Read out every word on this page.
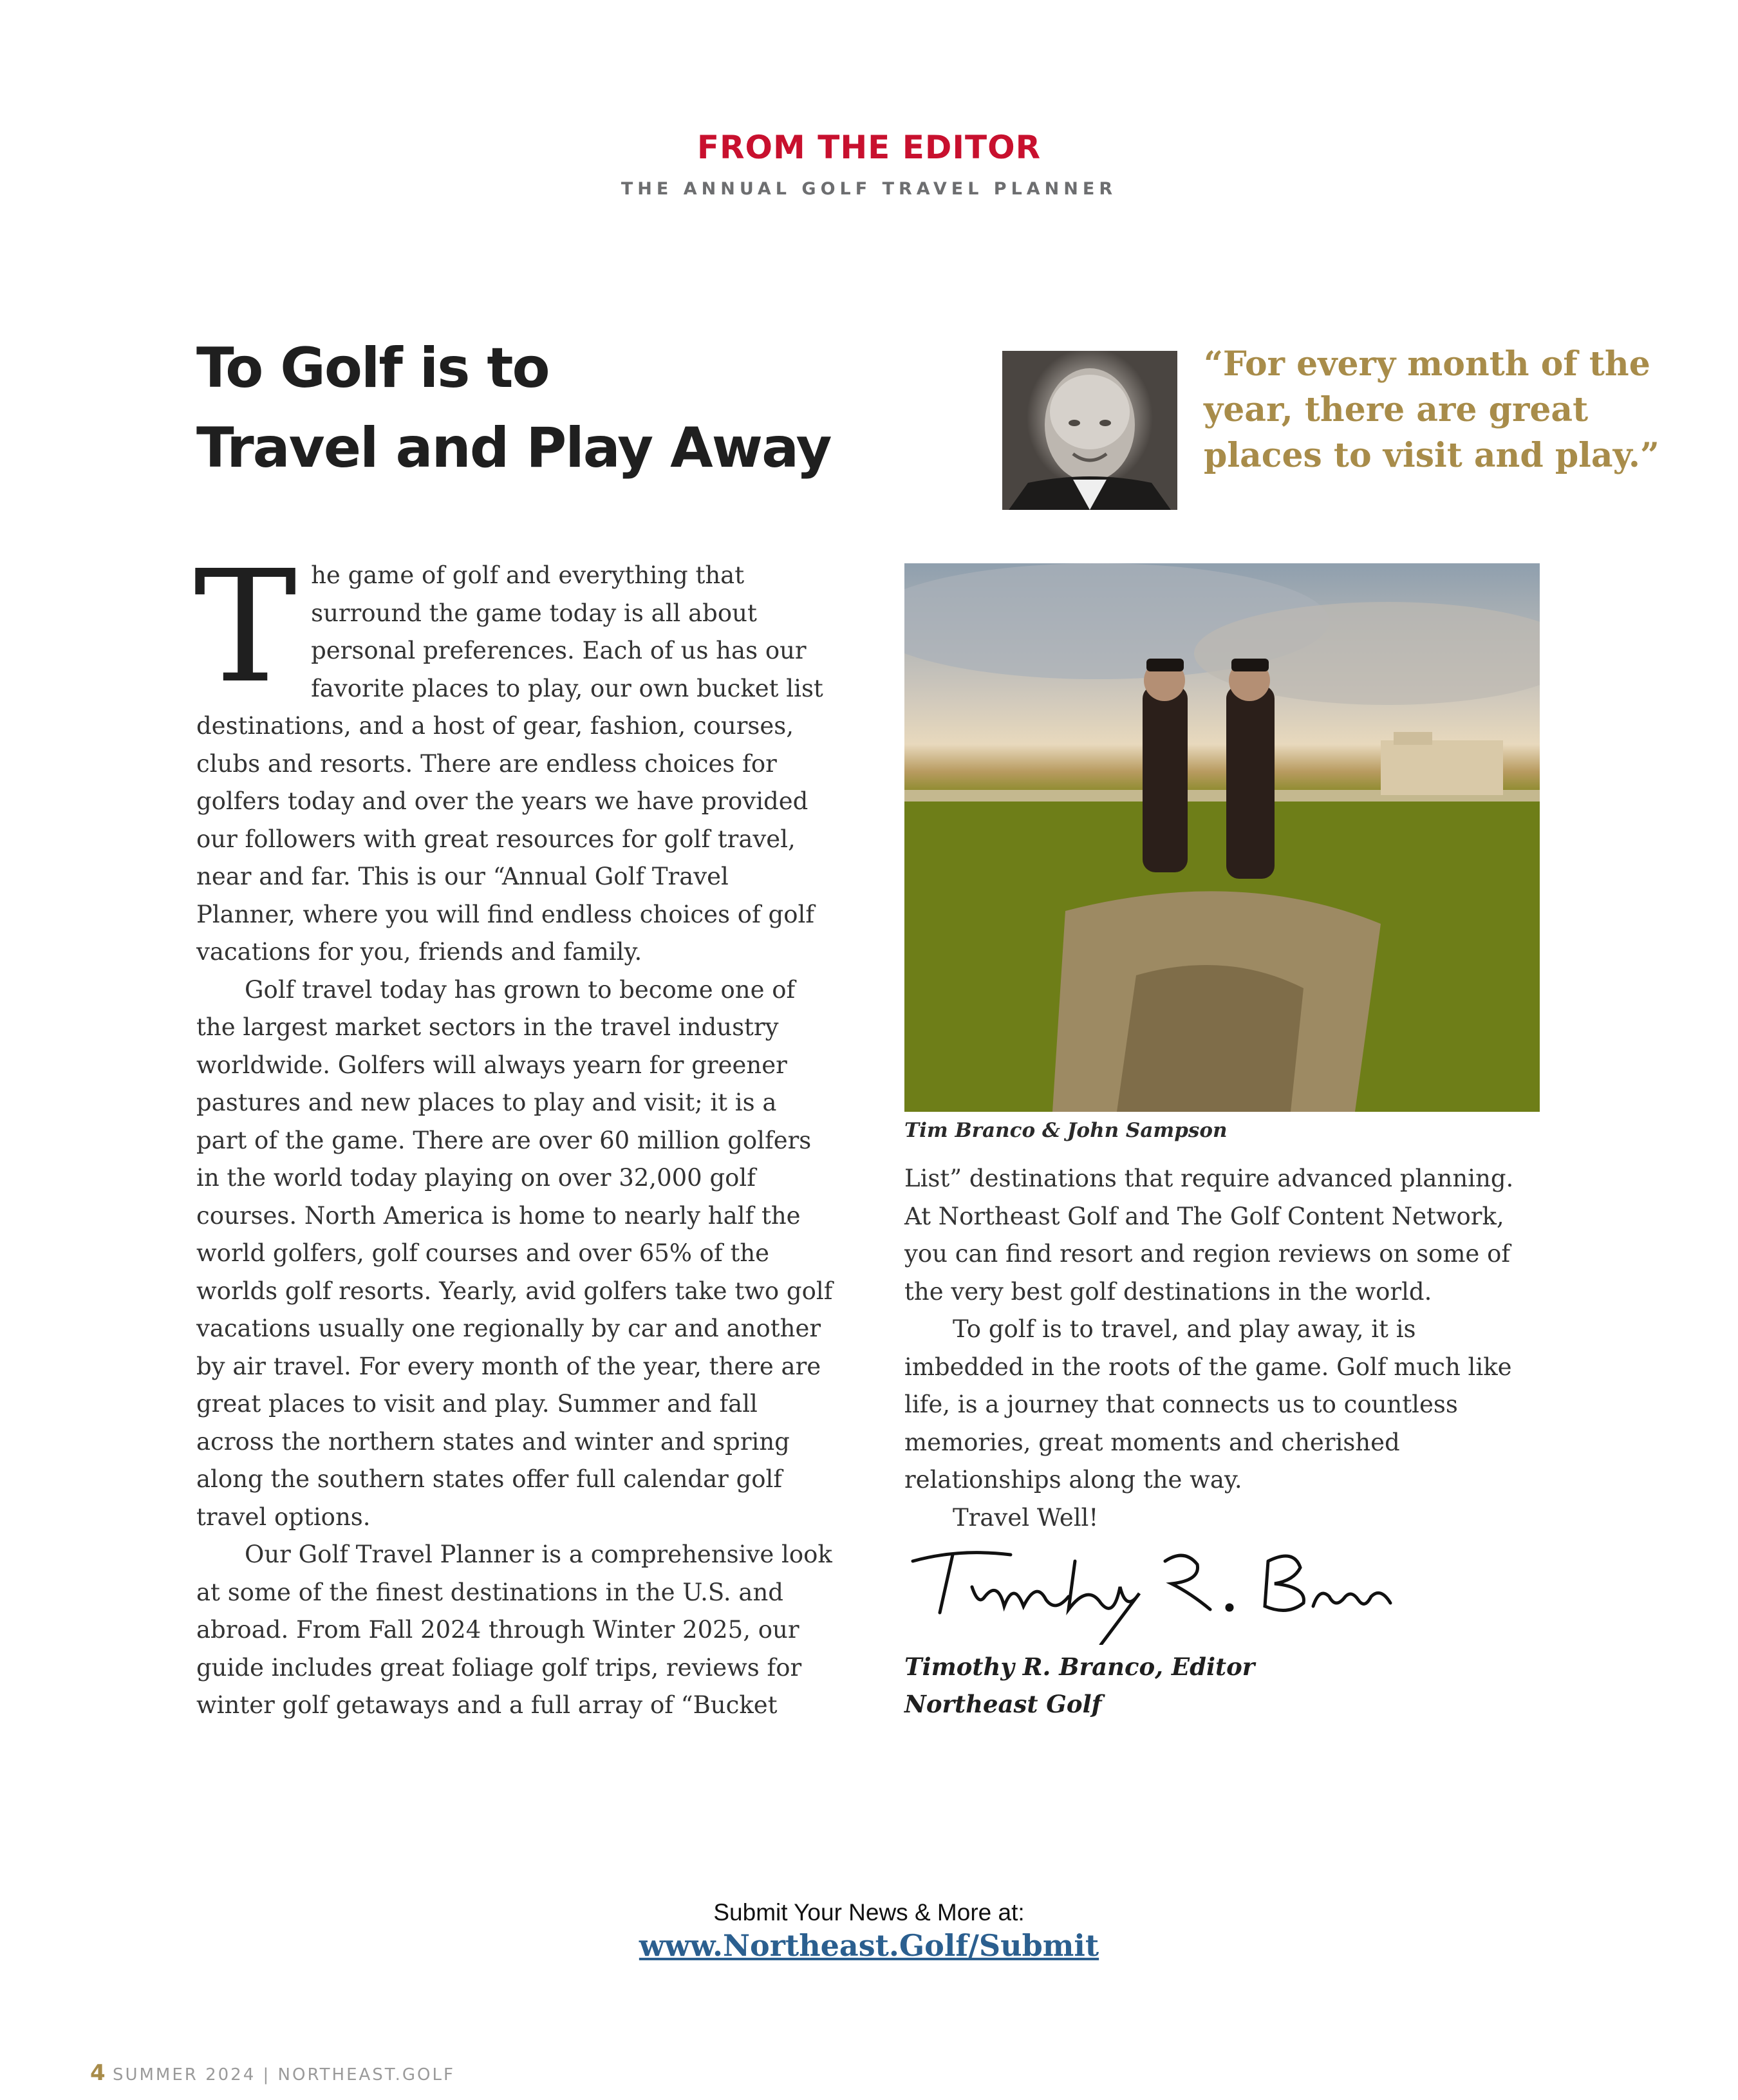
FROM THE EDITOR
THE ANNUAL GOLF TRAVEL PLANNER
To Golf is to
Travel and Play Away
“For every month of the year, there are great places to visit and play.”

The game of golf and everything that surround the game today is all about personal preferences. Each of us has our favorite places to play, our own bucket list destinations, and a host of gear, fashion, courses, clubs and resorts. There are endless choices for golfers today and over the years we have provided our followers with great resources for golf travel, near and far. This is our “Annual Golf Travel Planner, where you will find endless choices of golf vacations for you, friends and family.

Golf travel today has grown to become one of the largest market sectors in the travel industry worldwide. Golfers will always yearn for greener pastures and new places to play and visit; it is a part of the game. There are over 60 million golfers in the world today playing on over 32,000 golf courses. North America is home to nearly half the world golfers, golf courses and over 65% of the worlds golf resorts. Yearly, avid golfers take two golf vacations usually one regionally by car and another by air travel. For every month of the year, there are great places to visit and play. Summer and fall across the northern states and winter and spring along the southern states offer full calendar golf travel options.

Our Golf Travel Planner is a comprehensive look at some of the finest destinations in the U.S. and abroad. From Fall 2024 through Winter 2025, our guide includes great foliage golf trips, reviews for winter golf getaways and a full array of “Bucket

Tim Branco & John Sampson

List” destinations that require advanced planning. At Northeast Golf and The Golf Content Network, you can find resort and region reviews on some of the very best golf destinations in the world.

To golf is to travel, and play away, it is imbedded in the roots of the game. Golf much like life, is a journey that connects us to countless memories, great moments and cherished relationships along the way.

Travel Well!

Timothy R. Branco, Editor
Northeast Golf
Submit Your News & More at:
www.Northeast.Golf/Submit
4 SUMMER 2024 | NORTHEAST.GOLF
